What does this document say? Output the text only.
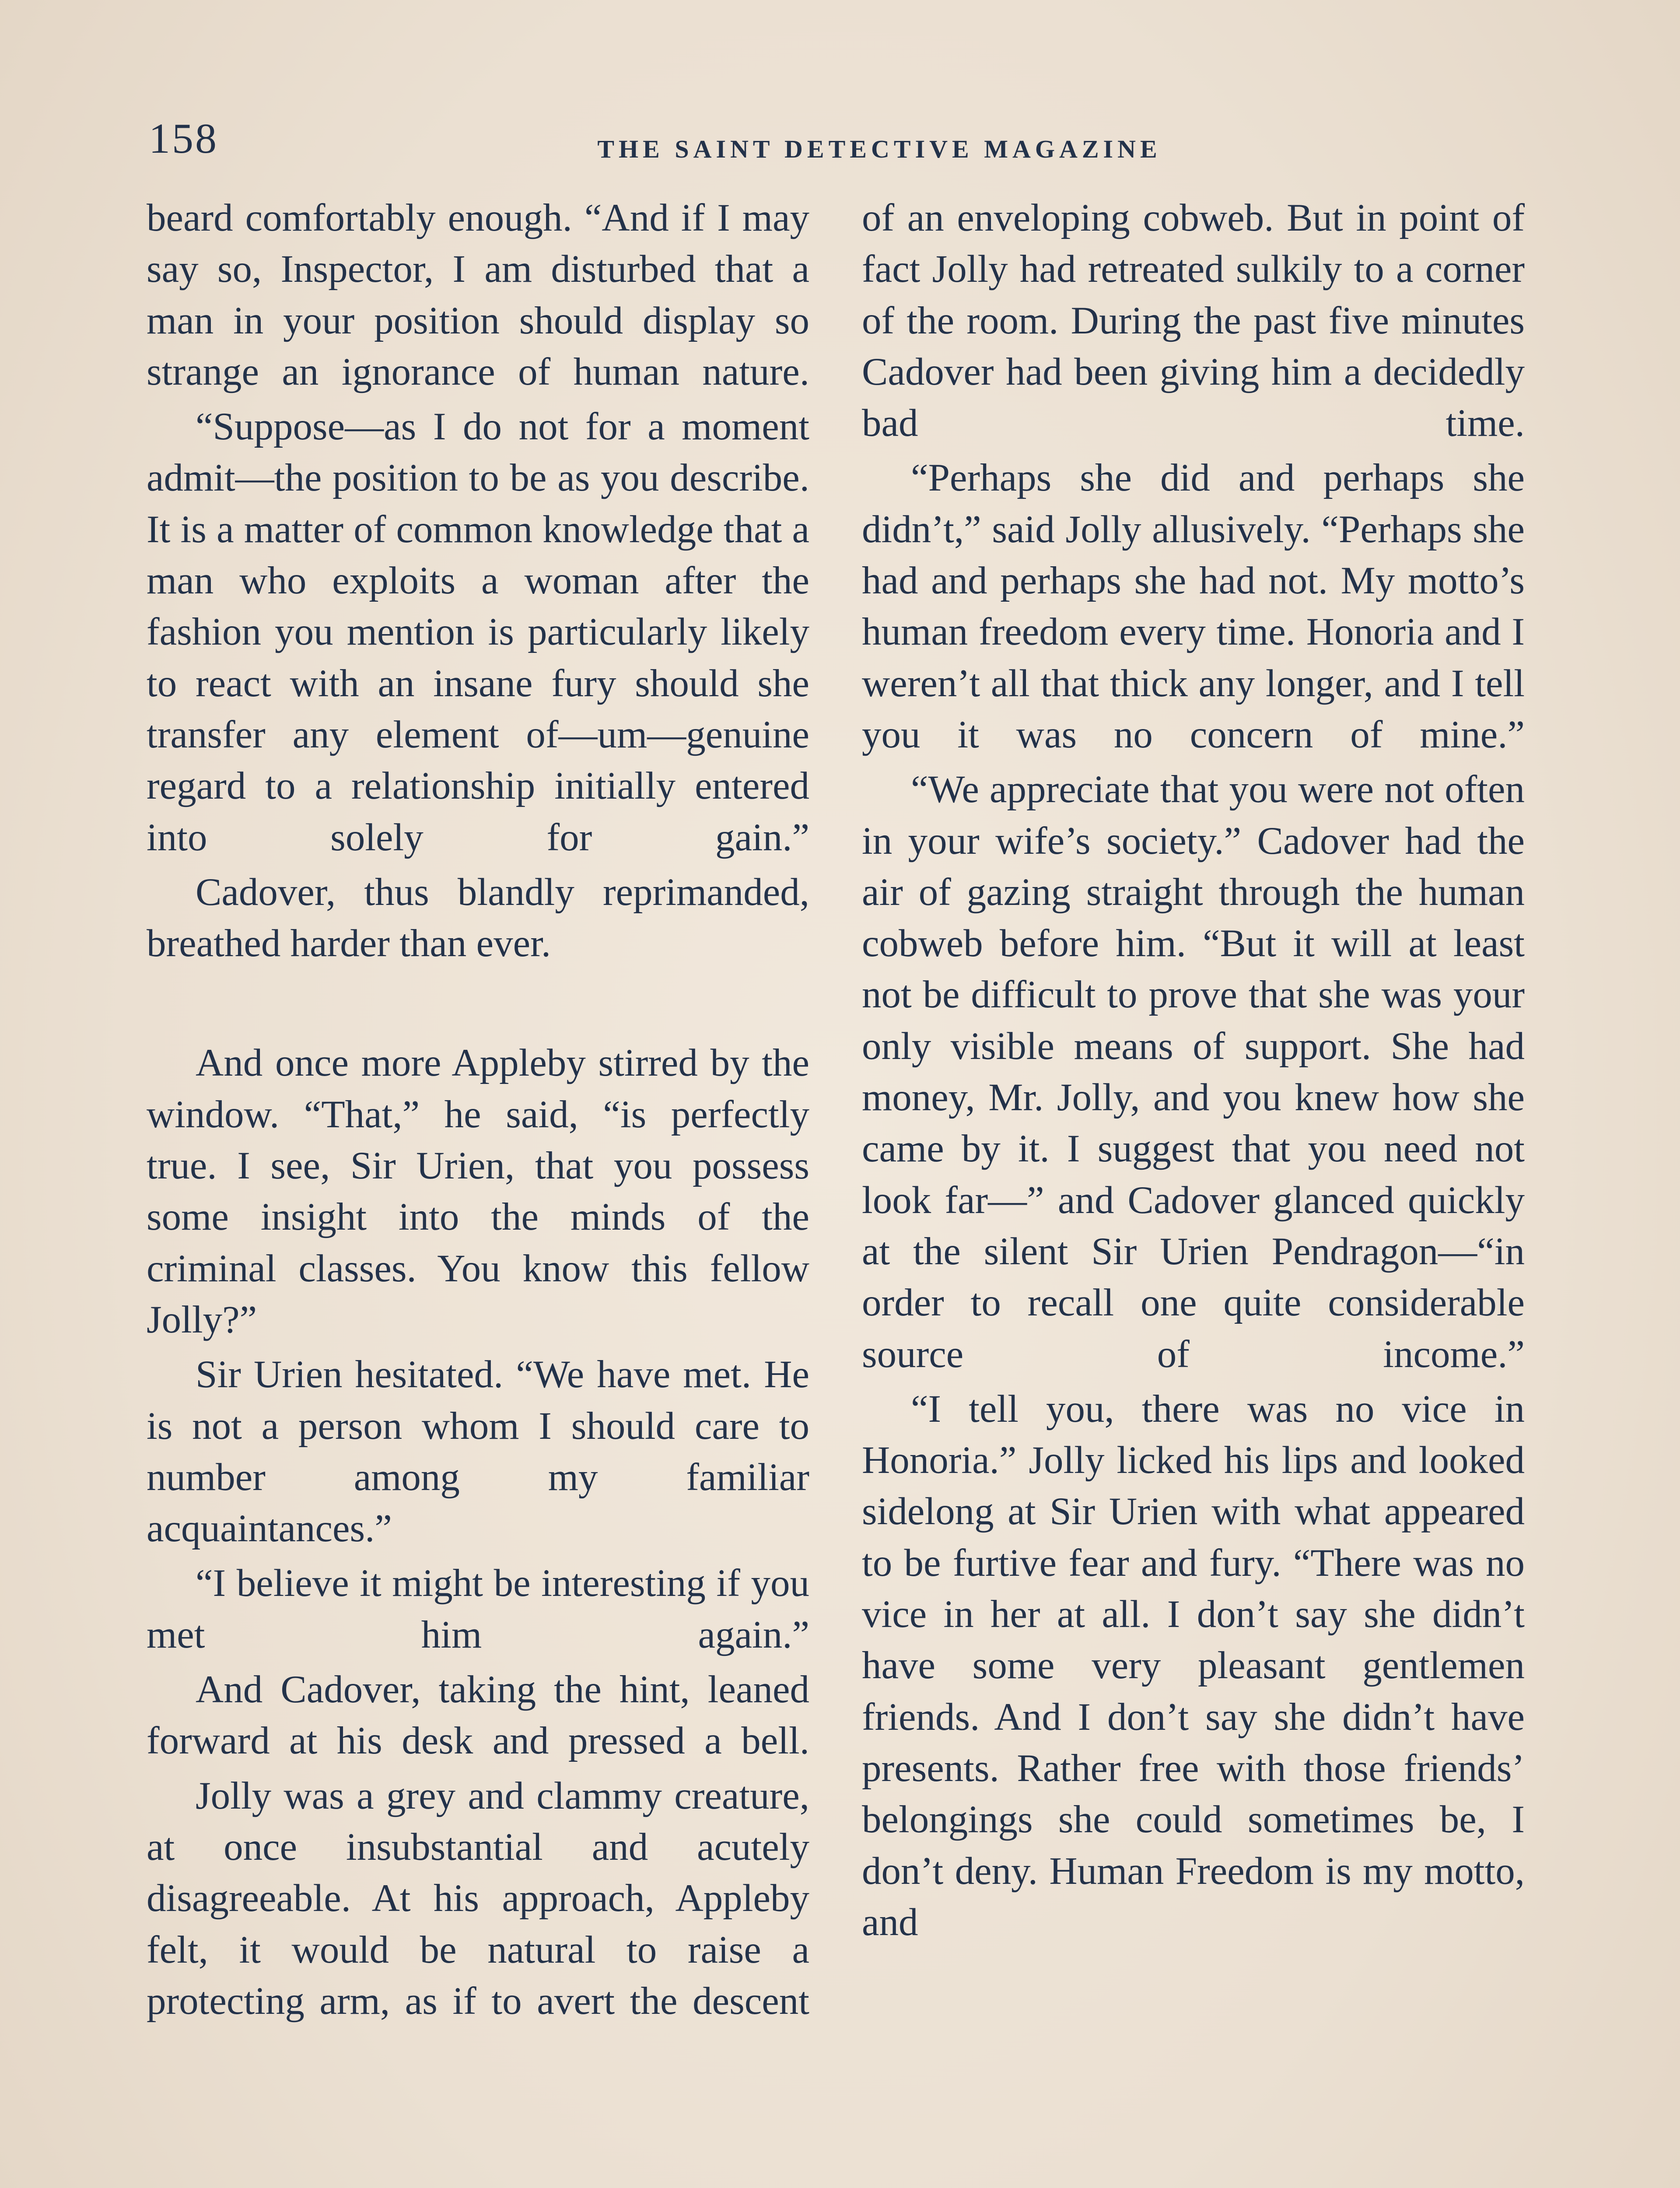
158	THE SAINT DETECTIVE MAGAZINE

beard comfortably enough. “And if I may say so, Inspector, I am disturbed that a man in your position should display so strange an ignorance of human nature.

“Suppose—as I do not for a moment admit—the position to be as you describe. It is a matter of common knowledge that a man who exploits a woman after the fashion you mention is particularly likely to react with an insane fury should she transfer any element of—um—genuine regard to a relationship initially entered into solely for gain.”

Cadover, thus blandly reprimanded, breathed harder than ever.

And once more Appleby stirred by the window. “That,” he said, “is perfectly true. I see, Sir Urien, that you possess some insight into the minds of the criminal classes. You know this fellow Jolly?”

Sir Urien hesitated. “We have met. He is not a person whom I should care to number among my familiar acquaintances.”

“I believe it might be interesting if you met him again.”

And Cadover, taking the hint, leaned forward at his desk and pressed a bell.

Jolly was a grey and clammy creature, at once insubstantial and acutely disagreeable. At his approach, Appleby felt, it would be natural to raise a protecting arm, as if to avert the descent

of an enveloping cobweb. But in point of fact Jolly had retreated sulkily to a corner of the room. During the past five minutes Cadover had been giving him a decidedly bad time.

“Perhaps she did and perhaps she didn’t,” said Jolly allusively. “Perhaps she had and perhaps she had not. My motto’s human freedom every time. Honoria and I weren’t all that thick any longer, and I tell you it was no concern of mine.”

“We appreciate that you were not often in your wife’s society.” Cadover had the air of gazing straight through the human cobweb before him. “But it will at least not be difficult to prove that she was your only visible means of support. She had money, Mr. Jolly, and you knew how she came by it. I suggest that you need not look far—” and Cadover glanced quickly at the silent Sir Urien Pendragon—“in order to recall one quite considerable source of income.”

“I tell you, there was no vice in Honoria.” Jolly licked his lips and looked sidelong at Sir Urien with what appeared to be furtive fear and fury. “There was no vice in her at all. I don’t say she didn’t have some very pleasant gentlemen friends. And I don’t say she didn’t have presents. Rather free with those friends’ belongings she could sometimes be, I don’t deny. Human Freedom is my motto, and
